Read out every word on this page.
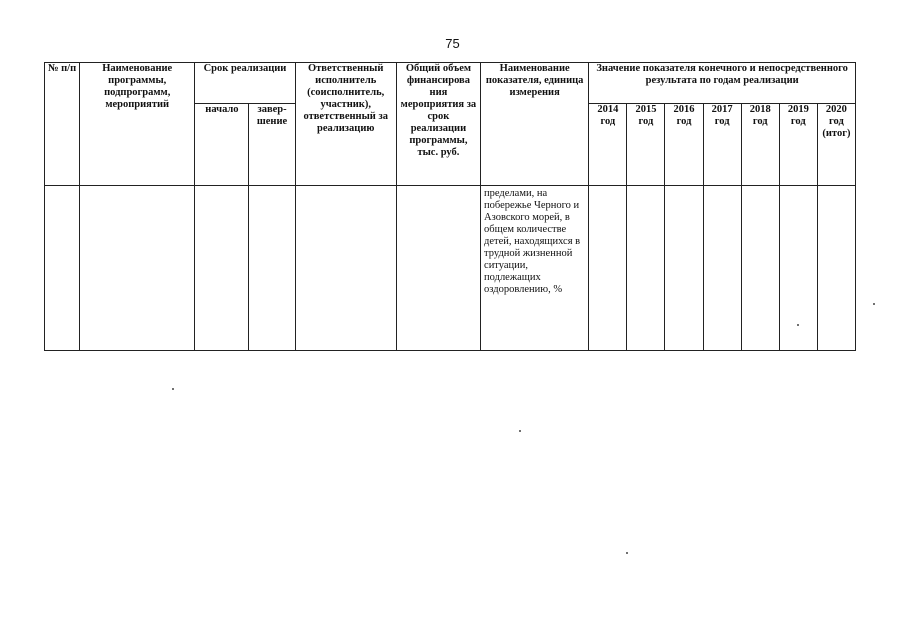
75
№ п/п	Наименование программы, подпрограмм, мероприятий	Срок реализации		Ответственный исполнитель (соисполнитель, участник), ответственный за реализацию	Общий объем финансирова ния мероприятия за срок реализации программы, тыс. руб.	Наименование показателя, единица измерения	Значение показателя конечного и непосредственного результата по годам реализации						
		начало	завер-шение				2014 год	2015 год	2016 год	2017 год	2018 год	2019 год	2020 год (итог)
						пределами, на побережье Черного и Азовского морей, в общем количестве детей, находящихся в трудной жизненной ситуации, подлежащих оздоровлению, %							
